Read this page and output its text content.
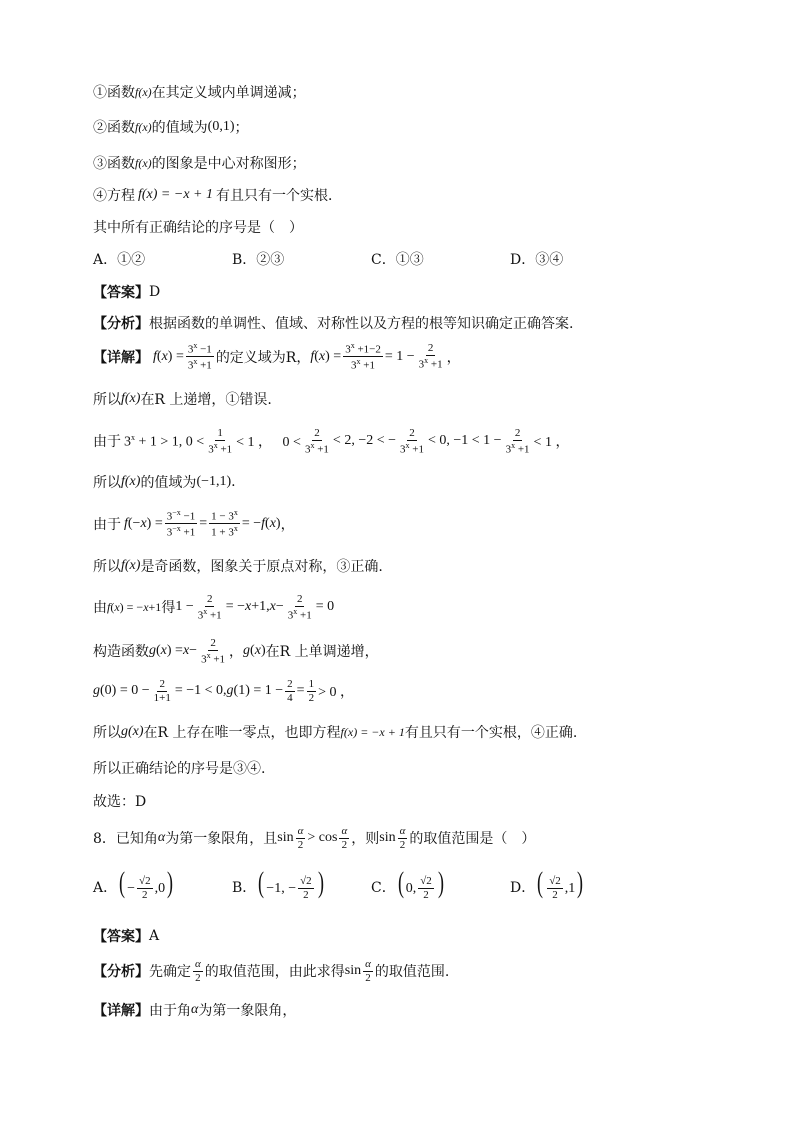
①函数 f(x) 在其定义域内单调递减；
②函数 f(x) 的值域为 (0,1) ；
③函数 f(x) 的图象是中心对称图形；
④方程 f(x) = −x + 1 有且只有一个实根．
其中所有正确结论的序号是（　）
A．①②	B．②③	C．①③	D．③④
【答案】 D
【分析】 根据函数的单调性、值域、对称性以及方程的根等知识确定正确答案.
【详解】 f ( x ) = $\frac{3^x -1}{3^x +1}$ 的定义域为R， f ( x ) = $\frac{3^x +1-2}{3^x +1} = 1 - \frac{2}{3^x +1}$ ，
所以 f(x) 在R 上递增，①错误.
由于 $3^x + 1 > 1$, $0 < \frac{1}{3^x +1} < 1$ ，   $0 < \frac{2}{3^x +1} < 2$, −2 < − $\frac{2}{3^x +1} < 0$, $-1 < 1 - \frac{2}{3^x +1} < 1$ ，
所以 f(x) 的值域为 (−1,1) .
由于 f (− x ) = $\frac{3^{-x} -1}{3^{-x} +1} = \frac{1 - 3^x}{1 + 3^x}$ = − f ( x ) ，
所以 f(x) 是奇函数，图象关于原点对称，③正确.
由 f ( x ) = − x +1 得 $1 - \frac{2}{3^x +1}$ = − x +1, $x - \frac{2}{3^x +1} = 0$
构造函数 g ( x ) = $x - \frac{2}{3^x +1}$ ， g ( x ) 在R 上单调递增，
g $(0) = 0 - \frac{2}{1+1} = -1 < 0$, g $(1) = 1 - \frac{2}{4} = \frac{1}{2} > 0$ ，
所以 g(x) 在R 上存在唯一零点，也即方程 f(x) = −x + 1 有且只有一个实根，④正确.
所以正确结论的序号是③④.
故选：D
8．已知角 α 为第一象限角，且 $\sin \frac{\alpha}{2} > \cos \frac{\alpha}{2}$ ，则 $\sin \frac{\alpha}{2}$ 的取值范围是（　）
A．( − $\frac{√2}{2} ,0$)	B．( −1, − $\frac{√2}{2}$ )	C．( 0, $\frac{√2}{2}$ )	D．( $\frac{√2}{2} ,1$)
【答案】 A
【分析】 先确定 $\frac{\alpha}{2}$ 的取值范围，由此求得 $\sin \frac{\alpha}{2}$ 的取值范围.
【详解】 由于角 α 为第一象限角，
